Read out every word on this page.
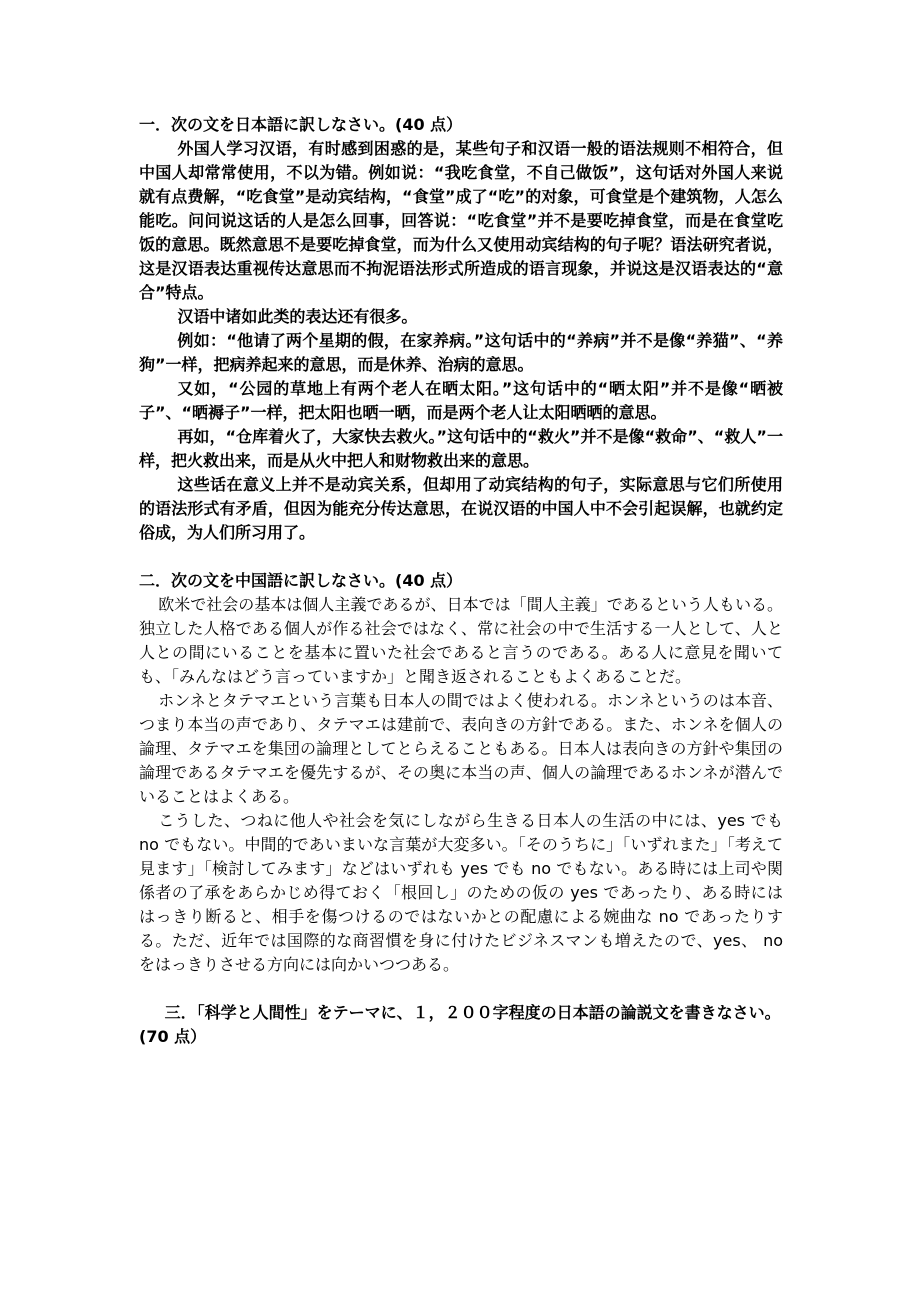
一．次の文を日本語に訳しなさい。(40 点）

外国人学习汉语，有时感到困惑的是，某些句子和汉语一般的语法规则不相符合，但中国人却常常使用，不以为错。例如说：“我吃食堂，不自己做饭”，这句话对外国人来说就有点费解，“吃食堂”是动宾结构，“食堂”成了“吃”的对象，可食堂是个建筑物，人怎么能吃。问问说这话的人是怎么回事，回答说：“吃食堂”并不是要吃掉食堂，而是在食堂吃饭的意思。既然意思不是要吃掉食堂，而为什么又使用动宾结构的句子呢？语法研究者说，这是汉语表达重视传达意思而不拘泥语法形式所造成的语言现象，并说这是汉语表达的“意合”特点。

汉语中诸如此类的表达还有很多。

例如：“他请了两个星期的假，在家养病。”这句话中的“养病”并不是像“养猫”、“养狗”一样，把病养起来的意思，而是休养、治病的意思。

又如，“公园的草地上有两个老人在晒太阳。”这句话中的“晒太阳”并不是像“晒被子”、“晒褥子”一样，把太阳也晒一晒，而是两个老人让太阳晒晒的意思。

再如，“仓库着火了，大家快去救火。”这句话中的“救火”并不是像“救命”、“救人”一样，把火救出来，而是从火中把人和财物救出来的意思。

这些话在意义上并不是动宾关系，但却用了动宾结构的句子，实际意思与它们所使用的语法形式有矛盾，但因为能充分传达意思，在说汉语的中国人中不会引起误解，也就约定俗成，为人们所习用了。

二．次の文を中国語に訳しなさい。(40 点）

欧米で社会の基本は個人主義であるが、日本では「間人主義」であるという人もいる。独立した人格である個人が作る社会ではなく、常に社会の中で生活する一人として、人と人との間にいることを基本に置いた社会であると言うのである。ある人に意見を聞いても、「みんなはどう言っていますか」と聞き返されることもよくあることだ。

ホンネとタテマエという言葉も日本人の間ではよく使われる。ホンネというのは本音、つまり本当の声であり、タテマエは建前で、表向きの方針である。また、ホンネを個人の論理、タテマエを集団の論理としてとらえることもある。日本人は表向きの方針や集団の論理であるタテマエを優先するが、その奥に本当の声、個人の論理であるホンネが潜んでいることはよくある。

こうした、つねに他人や社会を気にしながら生きる日本人の生活の中には、yes でも no でもない。中間的であいまいな言葉が大変多い。「そのうちに」「いずれまた」「考えて見ます」「検討してみます」などはいずれも yes でも no でもない。ある時には上司や関係者の了承をあらかじめ得ておく「根回し」のための仮の yes であったり、ある時にははっきり断ると、相手を傷つけるのではないかとの配慮による婉曲な no であったりする。ただ、近年では国際的な商習慣を身に付けたビジネスマンも増えたので、yes、 no をはっきりさせる方向には向かいつつある。

三．「科学と人間性」をテーマに、１，２００字程度の日本語の論説文を書きなさい。(70 点）
